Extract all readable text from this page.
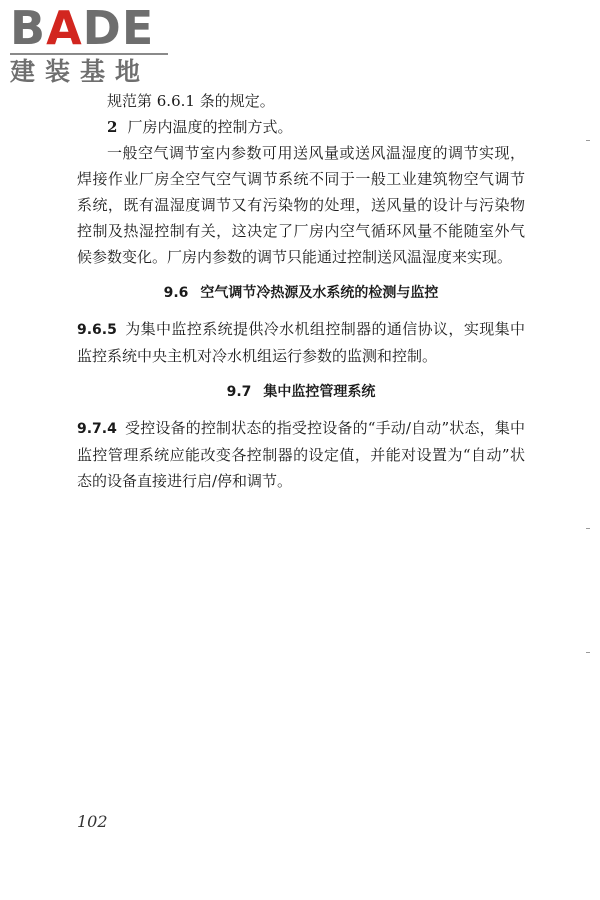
BADE
建装基地

规范第 6.6.1 条的规定。

2 厂房内温度的控制方式。

一般空气调节室内参数可用送风量或送风温湿度的调节实现，焊接作业厂房全空气空气调节系统不同于一般工业建筑物空气调节系统，既有温湿度调节又有污染物的处理，送风量的设计与污染物控制及热湿控制有关，这决定了厂房内空气循环风量不能随室外气候参数变化。厂房内参数的调节只能通过控制送风温湿度来实现。

9.6 空气调节冷热源及水系统的检测与监控

9.6.5 为集中监控系统提供冷水机组控制器的通信协议，实现集中监控系统中央主机对冷水机组运行参数的监测和控制。

9.7 集中监控管理系统

9.7.4 受控设备的控制状态的指受控设备的“手动/自动”状态，集中监控管理系统应能改变各控制器的设定值，并能对设置为“自动”状态的设备直接进行启/停和调节。

102
